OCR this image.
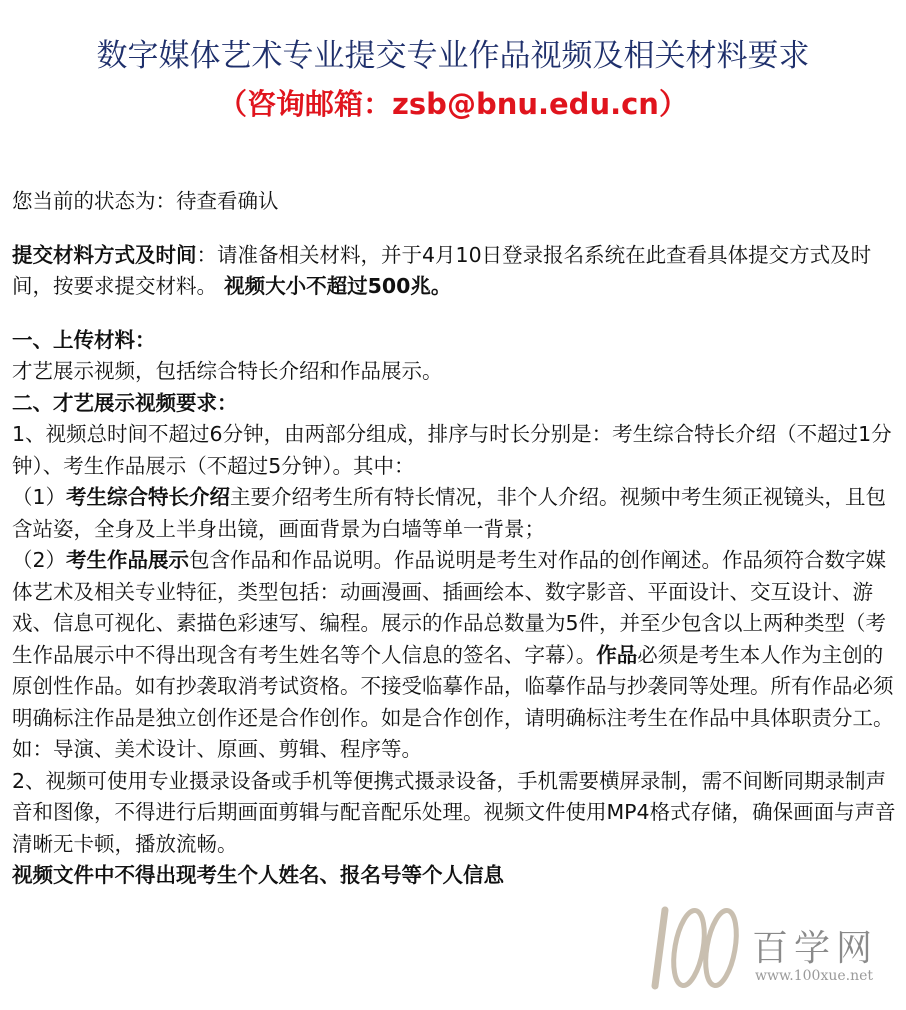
数字媒体艺术专业提交专业作品视频及相关材料要求
（咨询邮箱：zsb@bnu.edu.cn）

您当前的状态为：待查看确认

提交材料方式及时间：请准备相关材料，并于4月10日登录报名系统在此查看具体提交方式及时间，按要求提交材料。 视频大小不超过500兆。

一、上传材料：

才艺展示视频，包括综合特长介绍和作品展示。

二、才艺展示视频要求：

1、视频总时间不超过6分钟，由两部分组成，排序与时长分别是：考生综合特长介绍（不超过1分钟）、考生作品展示（不超过5分钟）。其中：

（1）考生综合特长介绍主要介绍考生所有特长情况，非个人介绍。视频中考生须正视镜头，且包含站姿，全身及上半身出镜，画面背景为白墙等单一背景；

（2）考生作品展示包含作品和作品说明。作品说明是考生对作品的创作阐述。作品须符合数字媒体艺术及相关专业特征，类型包括：动画漫画、插画绘本、数字影音、平面设计、交互设计、游戏、信息可视化、素描色彩速写、编程。展示的作品总数量为5件，并至少包含以上两种类型（考生作品展示中不得出现含有考生姓名等个人信息的签名、字幕）。作品必须是考生本人作为主创的原创性作品。如有抄袭取消考试资格。不接受临摹作品，临摹作品与抄袭同等处理。所有作品必须明确标注作品是独立创作还是合作创作。如是合作创作，请明确标注考生在作品中具体职责分工。如：导演、美术设计、原画、剪辑、程序等。

2、视频可使用专业摄录设备或手机等便携式摄录设备，手机需要横屏录制，需不间断同期录制声音和图像，不得进行后期画面剪辑与配音配乐处理。视频文件使用MP4格式存储，确保画面与声音清晰无卡顿，播放流畅。

视频文件中不得出现考生个人姓名、报名号等个人信息

百学网
www.100xue.net
